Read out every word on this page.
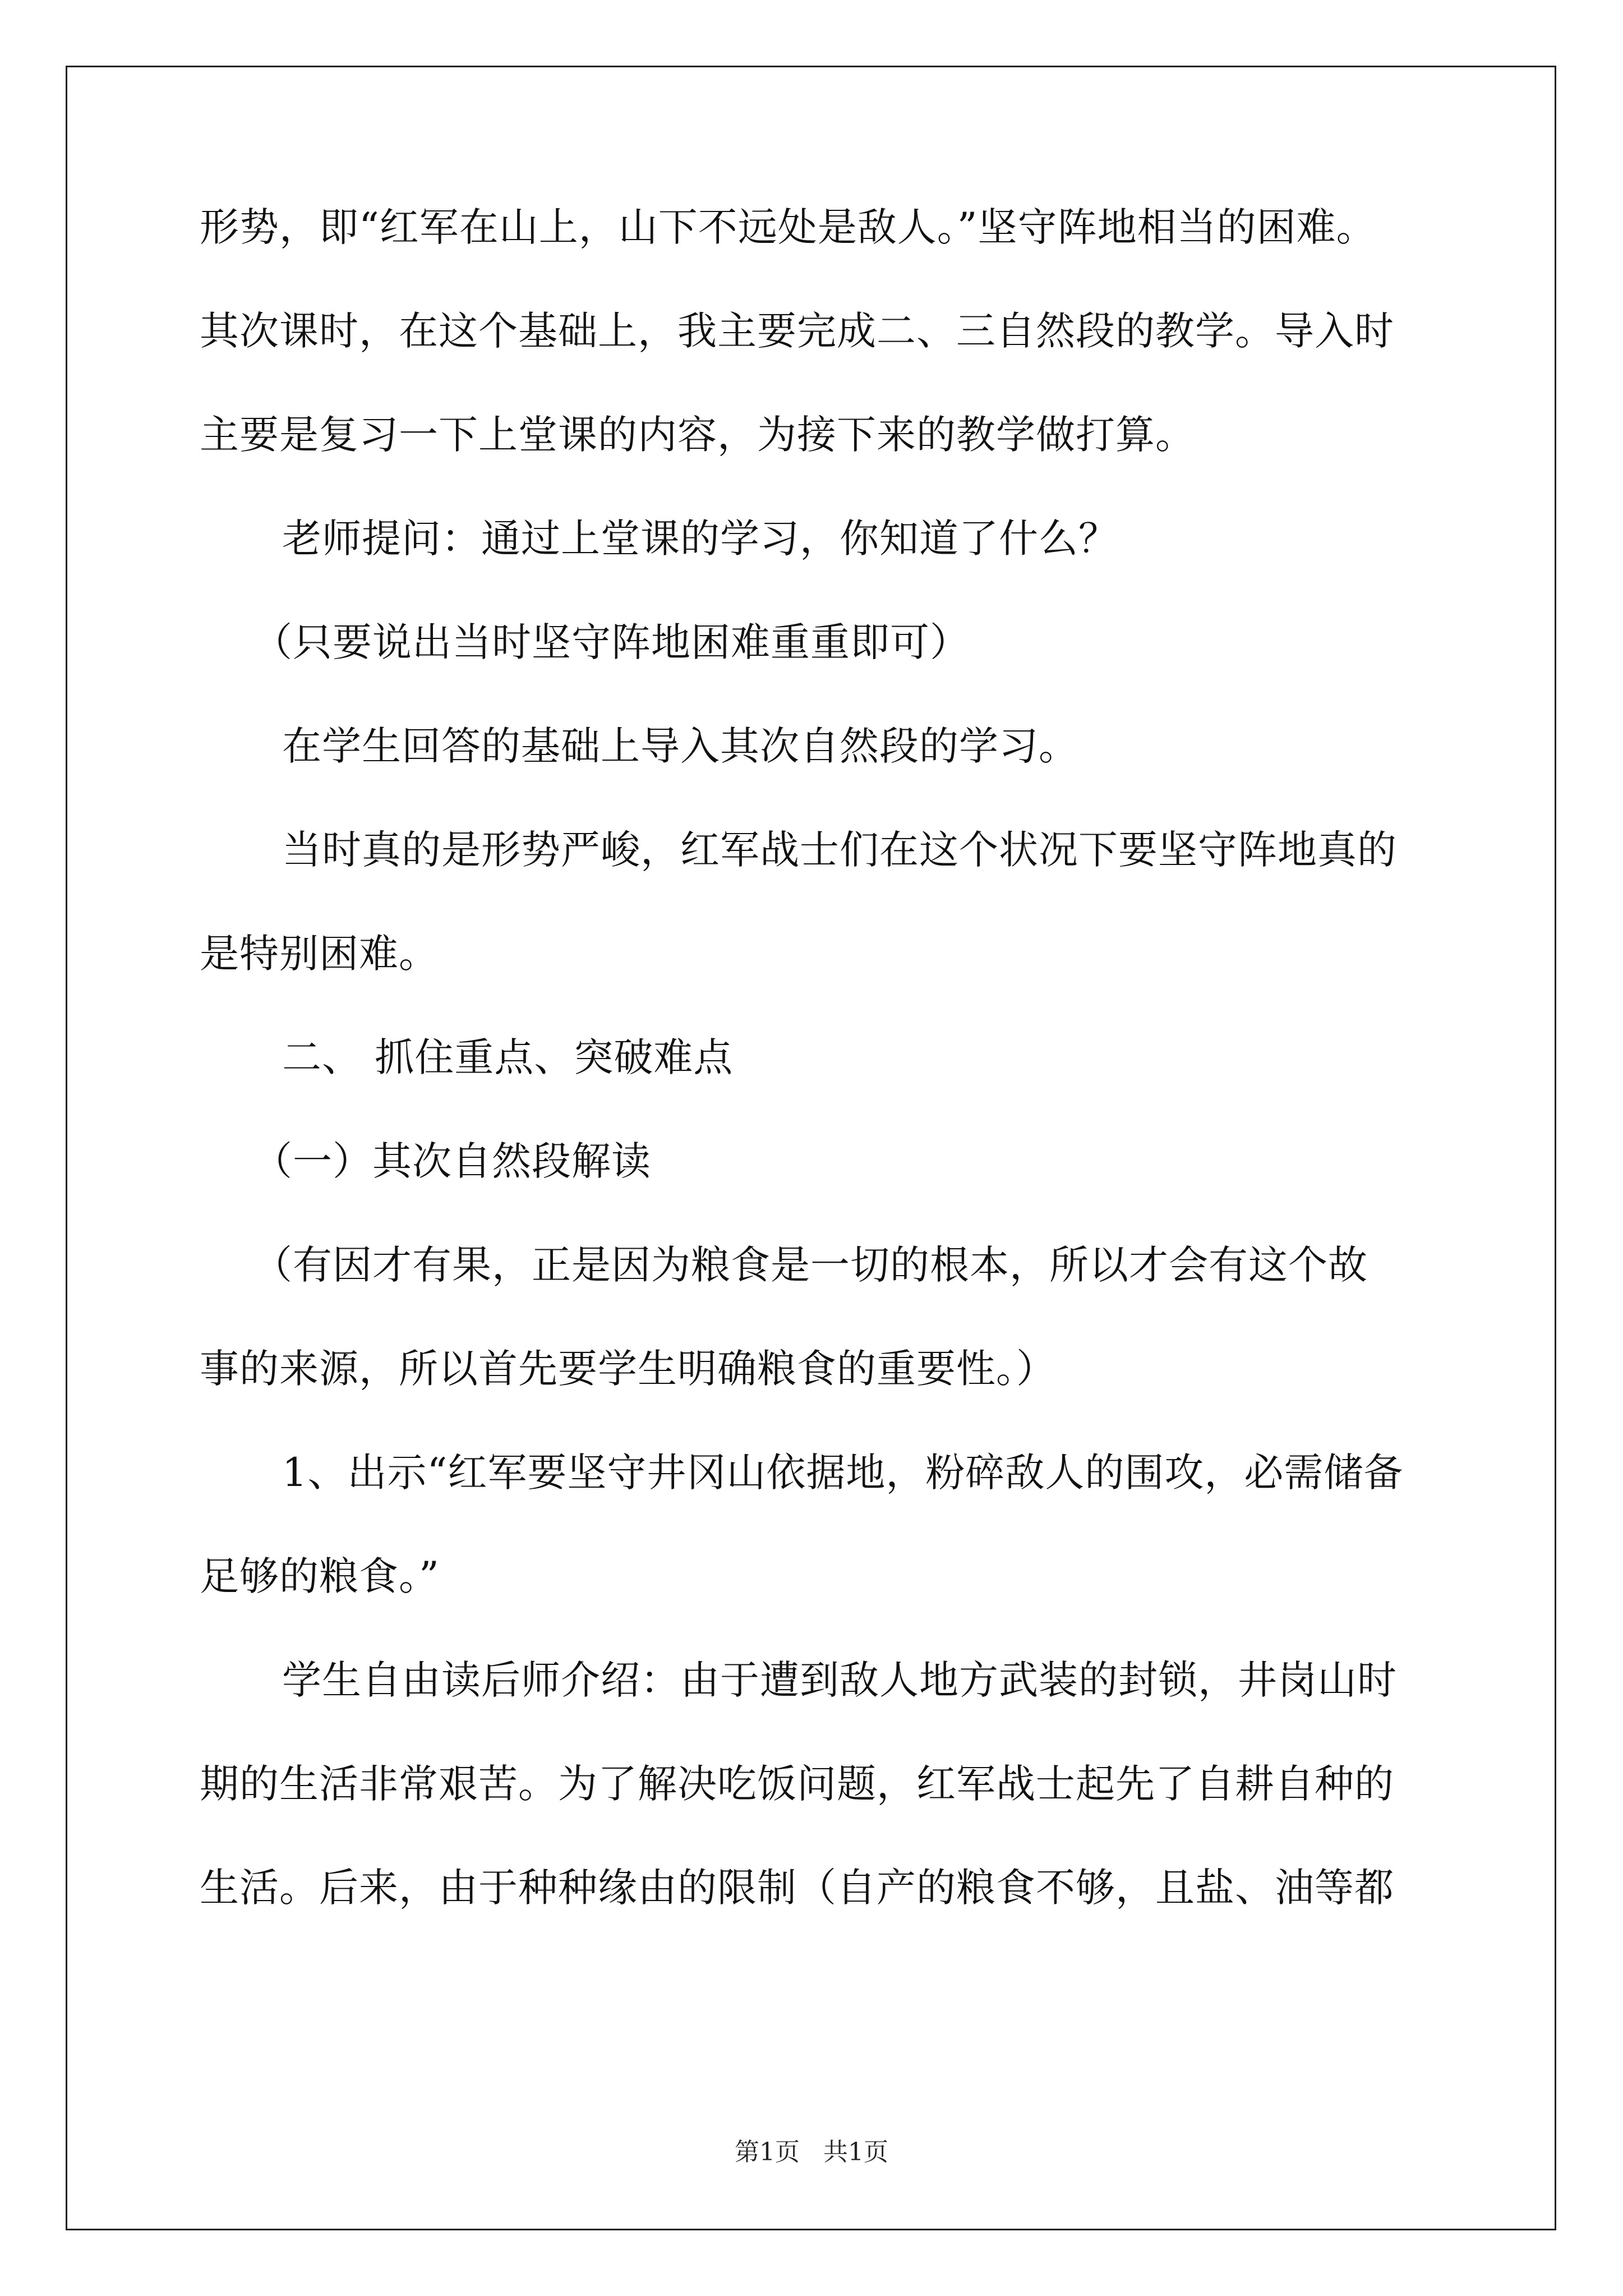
形势，即“红军在山上，山下不远处是敌人。”坚守阵地相当的困难。
其次课时，在这个基础上，我主要完成二、三自然段的教学。导入时
主要是复习一下上堂课的内容，为接下来的教学做打算。
老师提问：通过上堂课的学习，你知道了什么？
（只要说出当时坚守阵地困难重重即可）
在学生回答的基础上导入其次自然段的学习。
当时真的是形势严峻，红军战士们在这个状况下要坚守阵地真的
是特别困难。
二、 抓住重点、突破难点
（一）其次自然段解读
（有因才有果，正是因为粮食是一切的根本，所以才会有这个故
事的来源，所以首先要学生明确粮食的重要性。）
1、出示“红军要坚守井冈山依据地，粉碎敌人的围攻，必需储备
足够的粮食。”
学生自由读后师介绍：由于遭到敌人地方武装的封锁，井岗山时
期的生活非常艰苦。为了解决吃饭问题，红军战士起先了自耕自种的
生活。后来，由于种种缘由的限制（自产的粮食不够，且盐、油等都
第1页   共1页
